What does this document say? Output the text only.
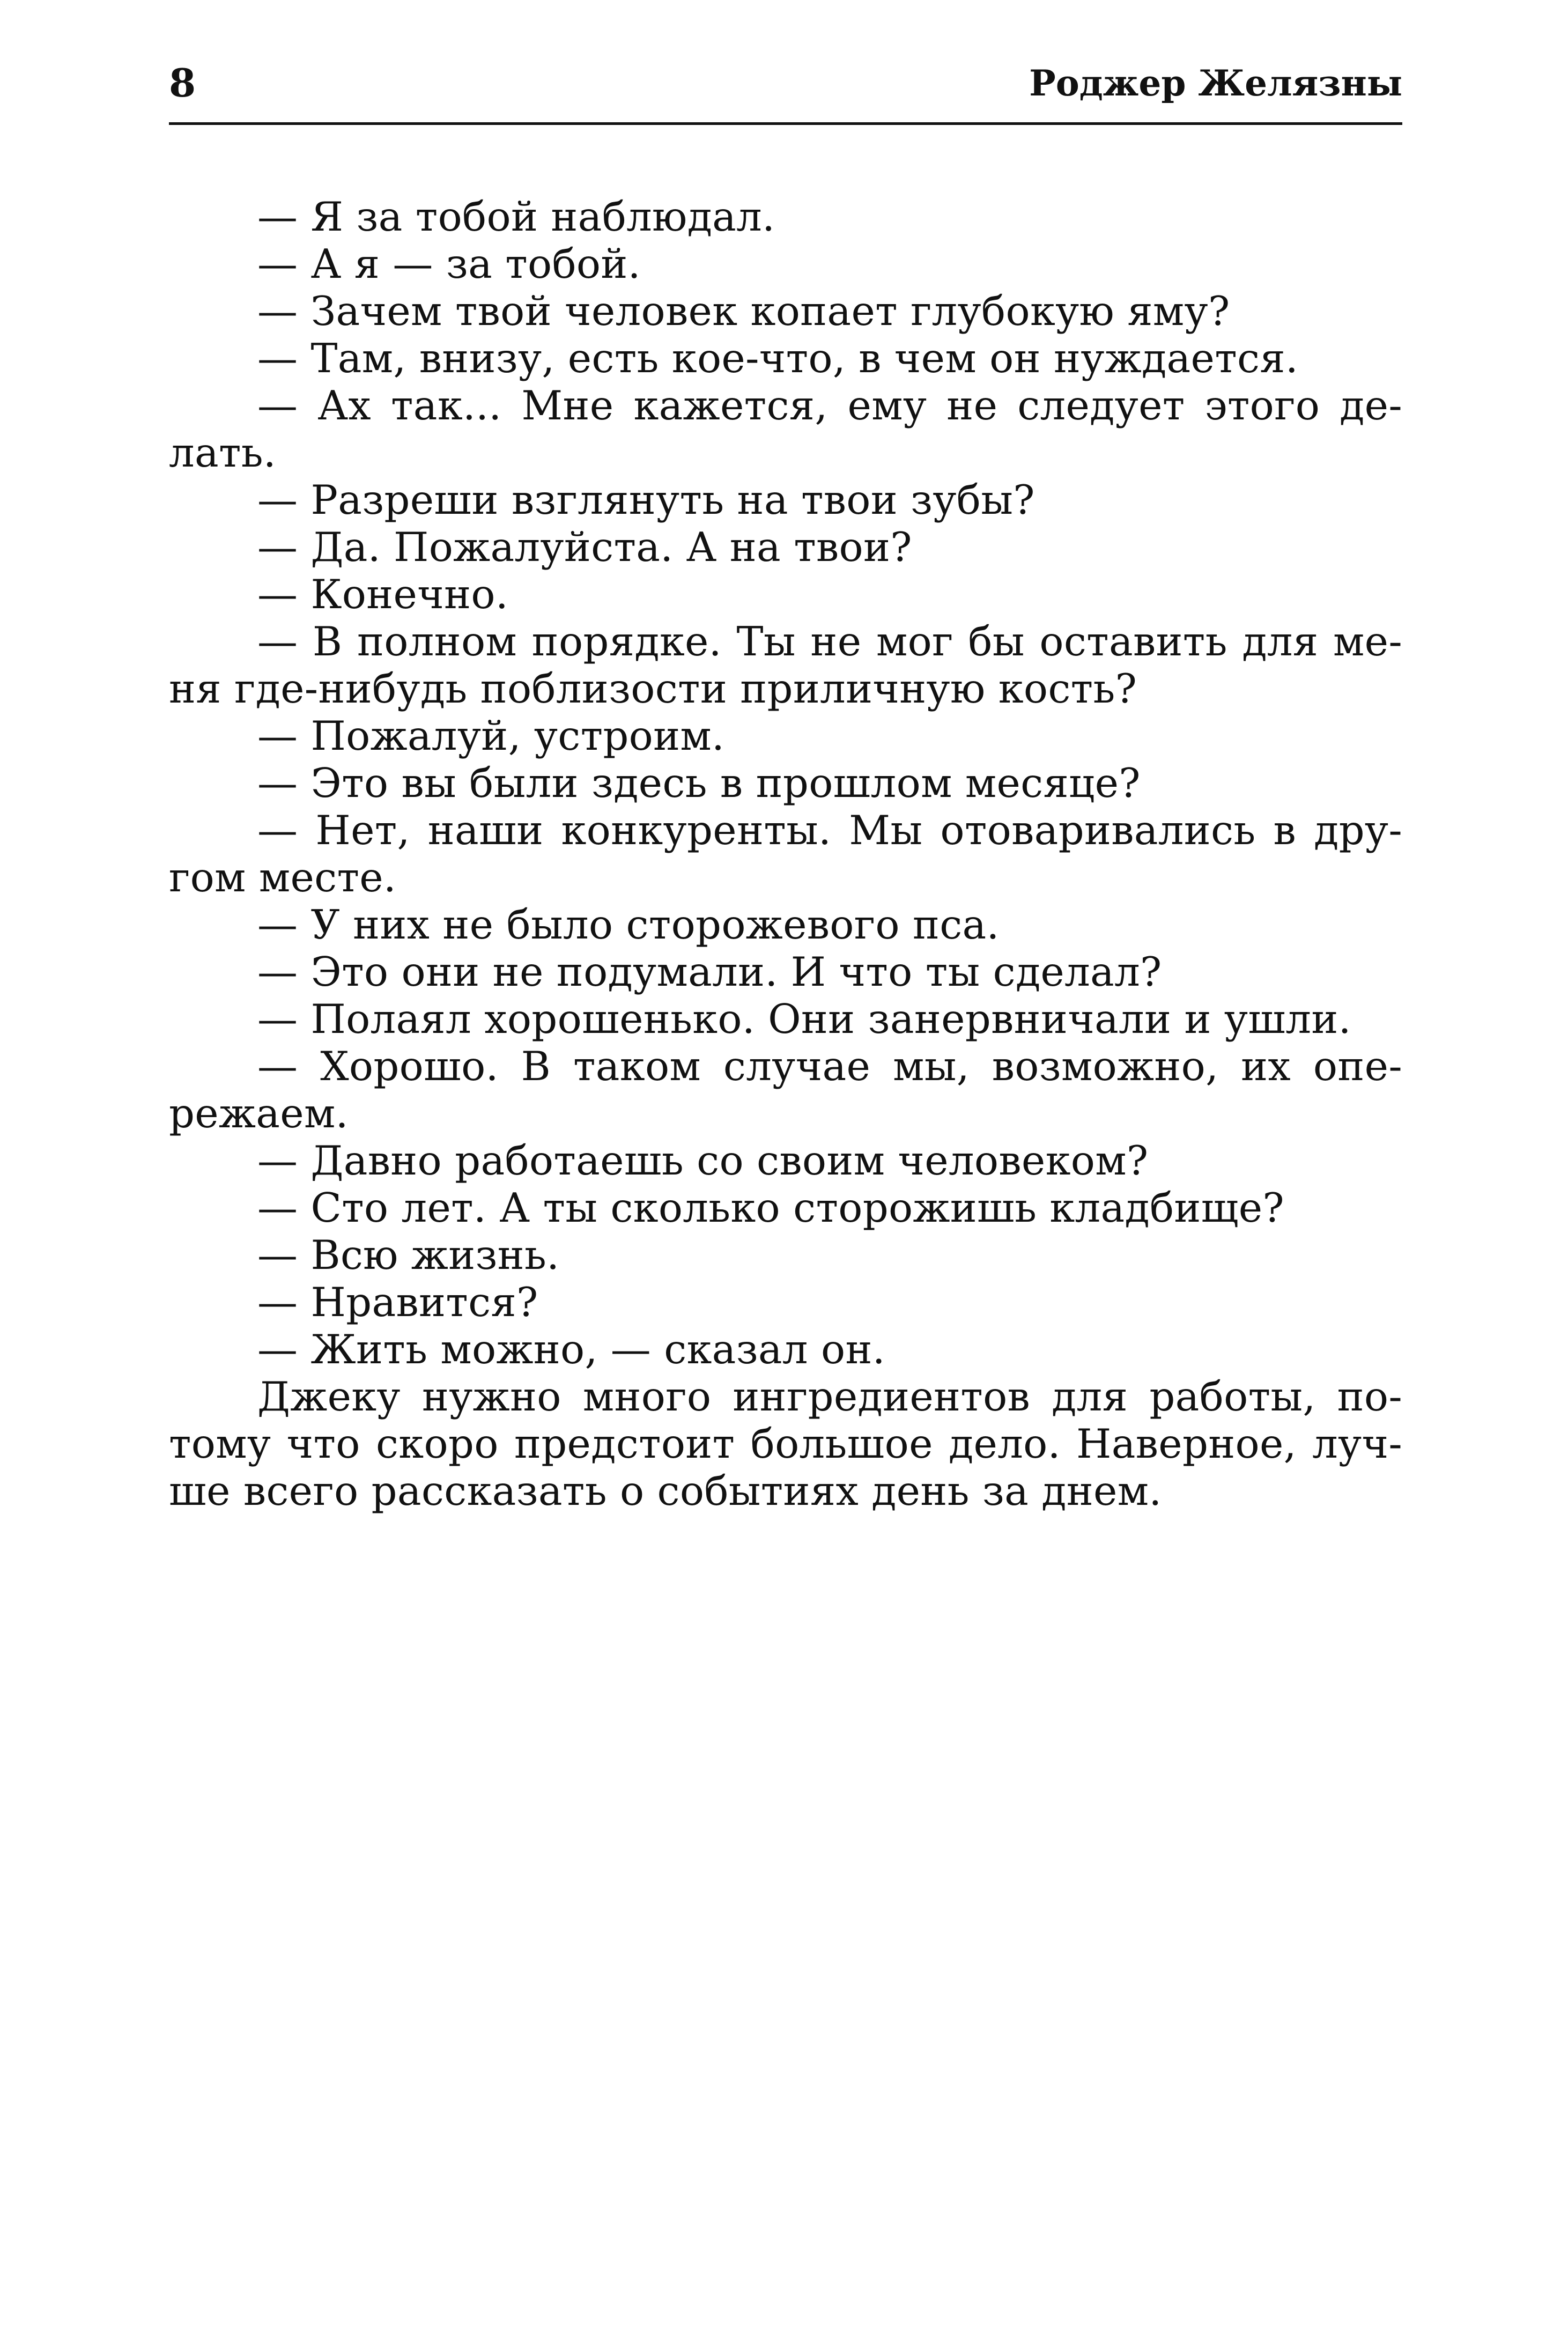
8	Роджер Желязны
— Я за тобой наблюдал.
— А я — за тобой.
— Зачем твой человек копает глубокую яму?
— Там, внизу, есть кое-что, в чем он нуждается.
— Ах так... Мне кажется, ему не следует этого де-
лать.
— Разреши взглянуть на твои зубы?
— Да. Пожалуйста. А на твои?
— Конечно.
— В полном порядке. Ты не мог бы оставить для ме-
ня где-нибудь поблизости приличную кость?
— Пожалуй, устроим.
— Это вы были здесь в прошлом месяце?
— Нет, наши конкуренты. Мы отоваривались в дру-
гом месте.
— У них не было сторожевого пса.
— Это они не подумали. И что ты сделал?
— Полаял хорошенько. Они занервничали и ушли.
— Хорошо. В таком случае мы, возможно, их опе-
режаем.
— Давно работаешь со своим человеком?
— Сто лет. А ты сколько сторожишь кладбище?
— Всю жизнь.
— Нравится?
— Жить можно, — сказал он.
Джеку нужно много ингредиентов для работы, по-
тому что скоро предстоит большое дело. Наверное, луч-
ше всего рассказать о событиях день за днем.
